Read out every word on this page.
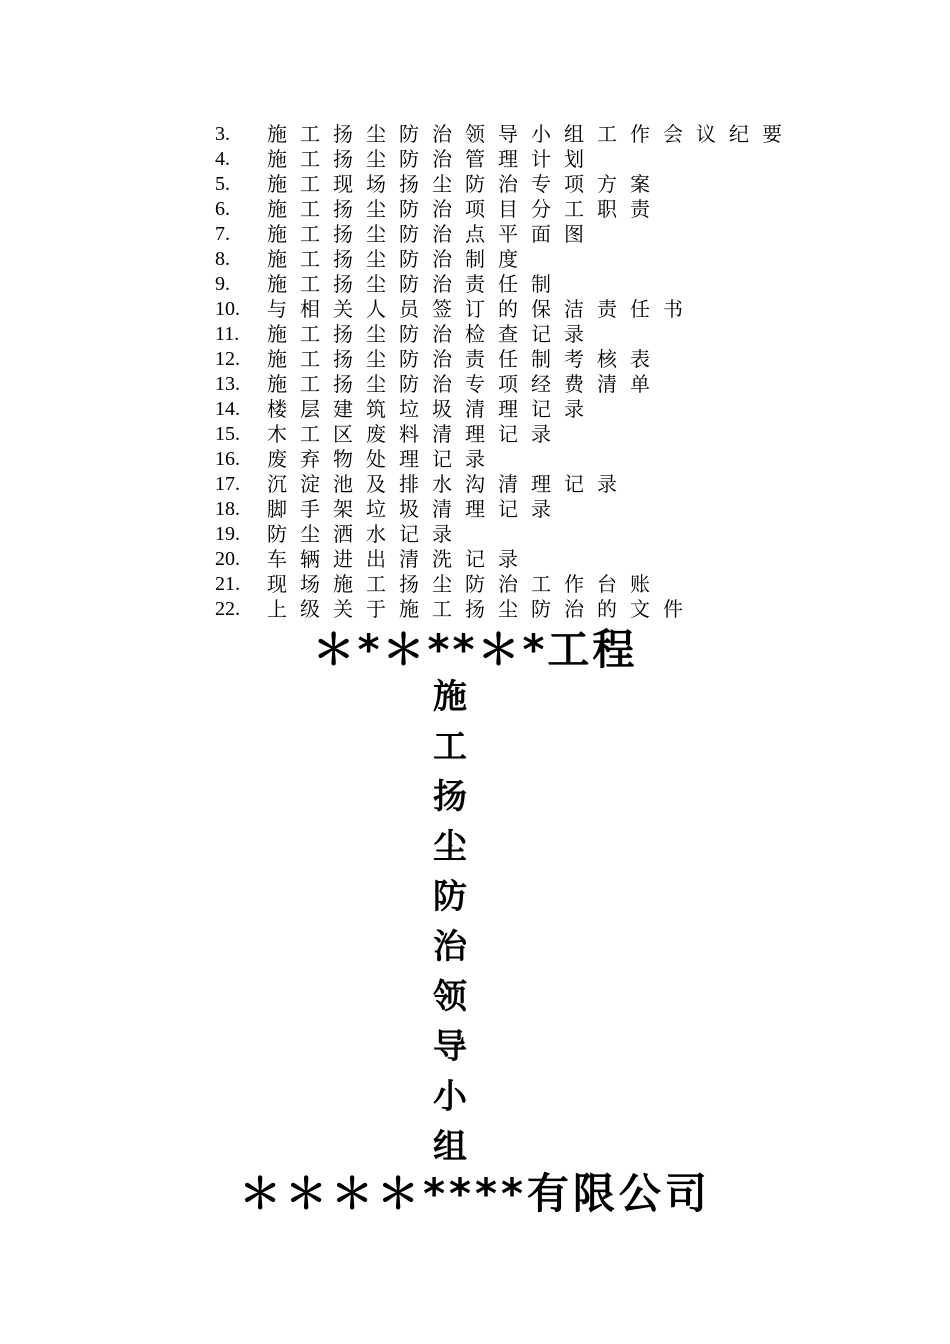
3.	施工扬尘防治领导小组工作会议纪要
4.	施工扬尘防治管理计划
5.	施工现场扬尘防治专项方案
6.	施工扬尘防治项目分工职责
7.	施工扬尘防治点平面图
8.	施工扬尘防治制度
9.	施工扬尘防治责任制
10.	与相关人员签订的保洁责任书
11.	施工扬尘防治检查记录
12.	施工扬尘防治责任制考核表
13.	施工扬尘防治专项经费清单
14.	楼层建筑垃圾清理记录
15.	木工区废料清理记录
16.	废弃物处理记录
17.	沉淀池及排水沟清理记录
18.	脚手架垃圾清理记录
19.	防尘洒水记录
20.	车辆进出清洗记录
21.	现场施工扬尘防治工作台账
22.	上级关于施工扬尘防治的文件
＊*＊**＊*工程
施
工
扬
尘
防
治
领
导
小
组
＊＊＊＊****有限公司
